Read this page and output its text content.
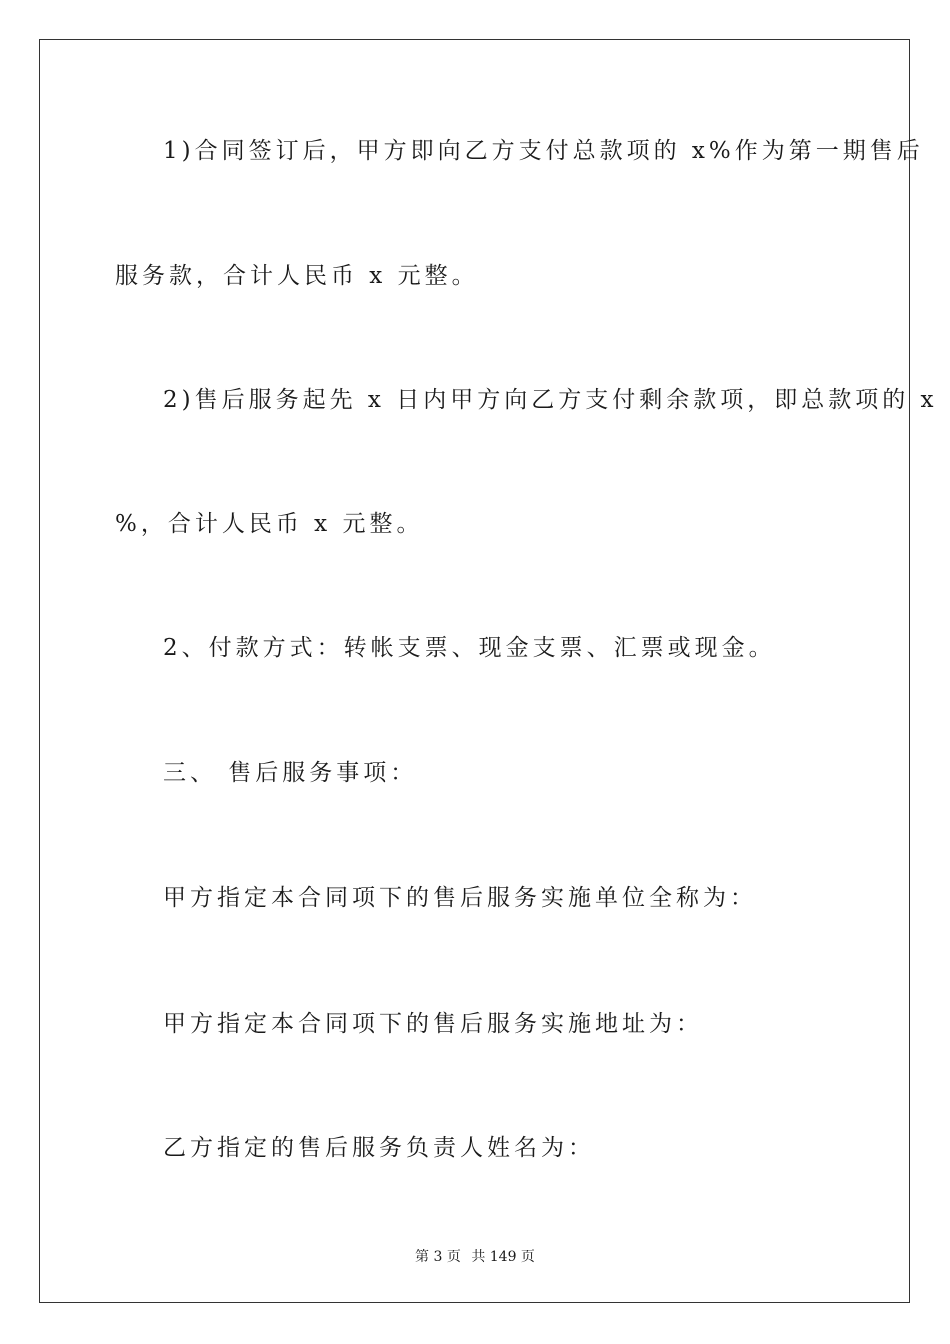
1)合同签订后，甲方即向乙方支付总款项的 x%作为第一期售后
服务款，合计人民币 x 元整。
2)售后服务起先 x 日内甲方向乙方支付剩余款项，即总款项的 x
%，合计人民币 x 元整。
2、付款方式：转帐支票、现金支票、汇票或现金。
三、 售后服务事项：
甲方指定本合同项下的售后服务实施单位全称为：
甲方指定本合同项下的售后服务实施地址为：
乙方指定的售后服务负责人姓名为：
第 3 页 共 149 页
